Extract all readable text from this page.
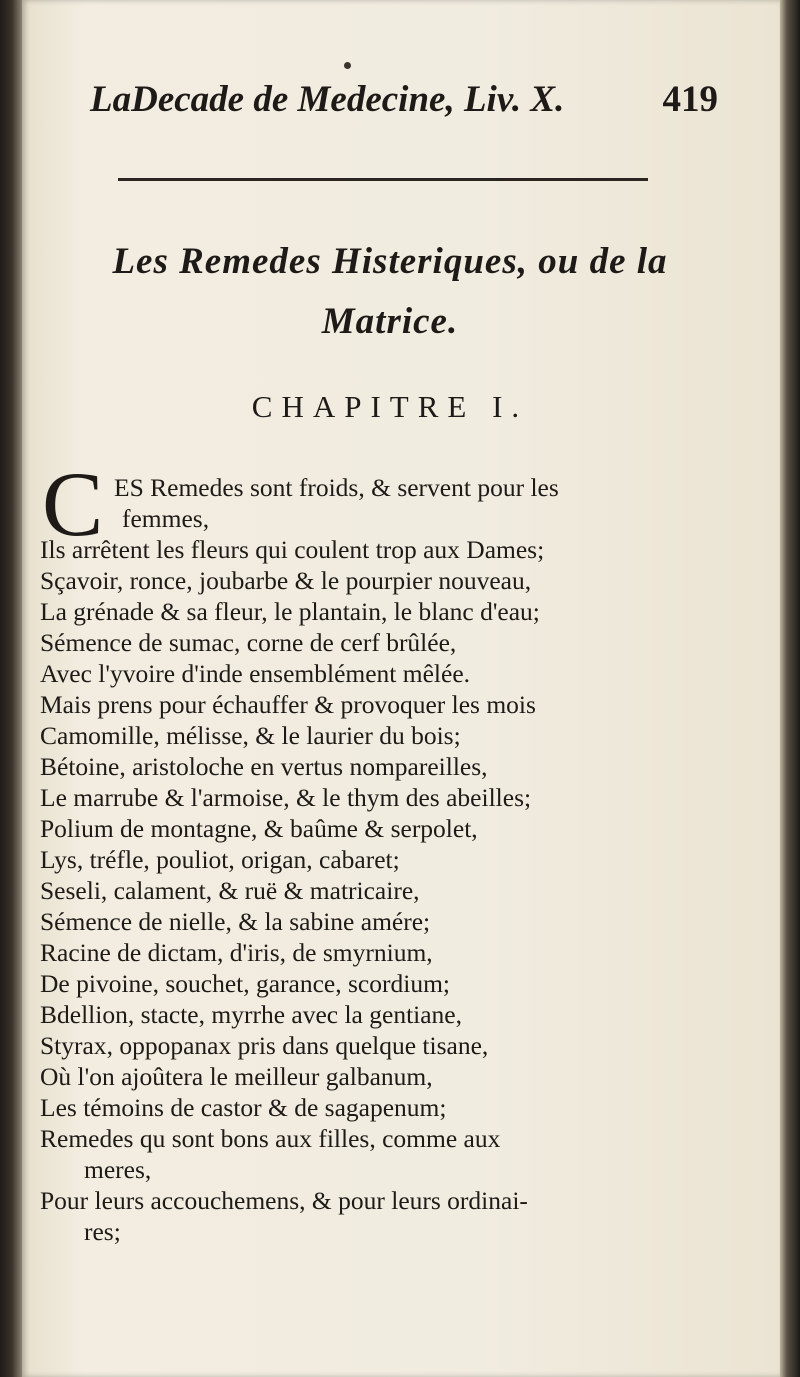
LaDecade de Medecine, Liv. X.	419
Les Remedes Histeriques, ou de la
Matrice.
CHAPITRE I.
C ES Remedes sont froids, & servent pour les
femmes,
Ils arrêtent les fleurs qui coulent trop aux Dames;
Sçavoir, ronce, joubarbe & le pourpier nouveau,
La grénade & sa fleur, le plantain, le blanc d'eau;
Sémence de sumac, corne de cerf brûlée,
Avec l'yvoire d'inde ensemblément mêlée.
Mais prens pour échauffer & provoquer les mois
Camomille, mélisse, & le laurier du bois;
Bétoine, aristoloche en vertus nompareilles,
Le marrube & l'armoise, & le thym des abeilles;
Polium de montagne, & baûme & serpolet,
Lys, tréfle, pouliot, origan, cabaret;
Seseli, calament, & ruë & matricaire,
Sémence de nielle, & la sabine amére;
Racine de dictam, d'iris, de smyrnium,
De pivoine, souchet, garance, scordium;
Bdellion, stacte, myrrhe avec la gentiane,
Styrax, oppopanax pris dans quelque tisane,
Où l'on ajoûtera le meilleur galbanum,
Les témoins de castor & de sagapenum;
Remedes qu sont bons aux filles, comme aux
meres,
Pour leurs accouchemens, & pour leurs ordinai-
res;
